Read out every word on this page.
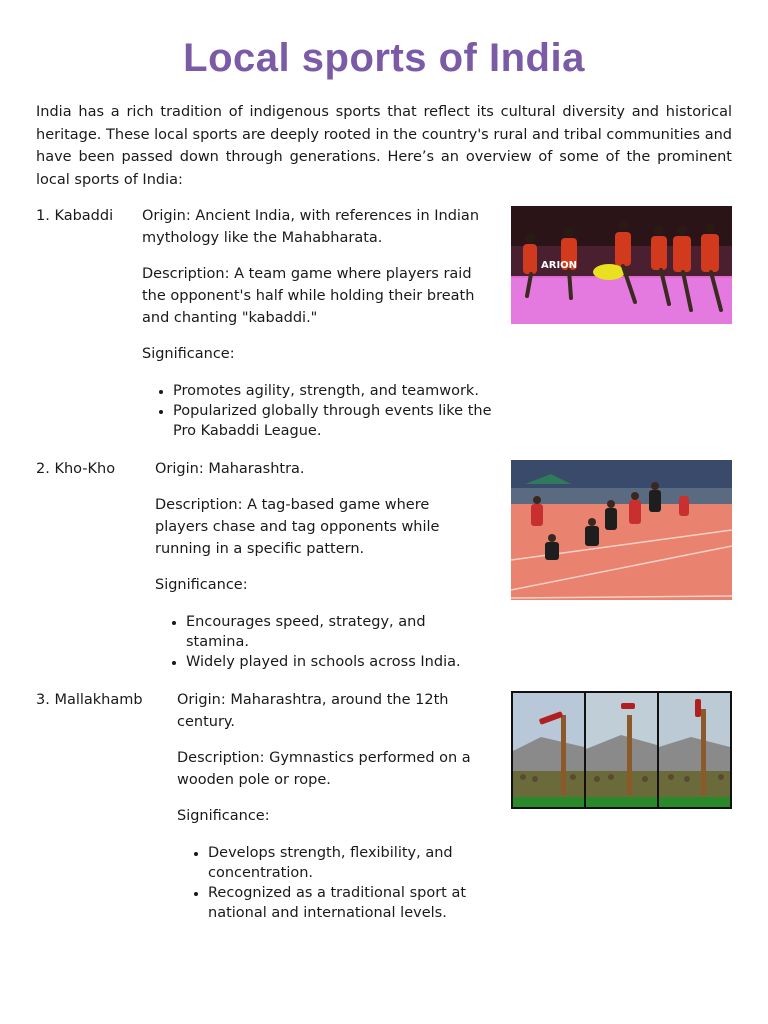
Local sports of India

India has a rich tradition of indigenous sports that reflect its cultural diversity and historical heritage. These local sports are deeply rooted in the country's rural and tribal communities and have been passed down through generations. Here’s an overview of some of the prominent local sports of India:

1. Kabaddi Origin: Ancient India, with references in Indian mythology like the Mahabharata.

Description: A team game where players raid the opponent's half while holding their breath and chanting "kabaddi."

Significance:

• Promotes agility, strength, and teamwork.
• Popularized globally through events like the Pro Kabaddi League.
ARION
2. Kho-Kho	Origin: Maharashtra.

Description: A tag-based game where players chase and tag opponents while running in a specific pattern.

Significance:

• Encourages speed, strategy, and stamina.
• Widely played in schools across India.
3. Mallakhamb Origin: Maharashtra, around the 12th century.

Description: Gymnastics performed on a wooden pole or rope.

Significance:

• Develops strength, flexibility, and concentration.
• Recognized as a traditional sport at national and international levels.
